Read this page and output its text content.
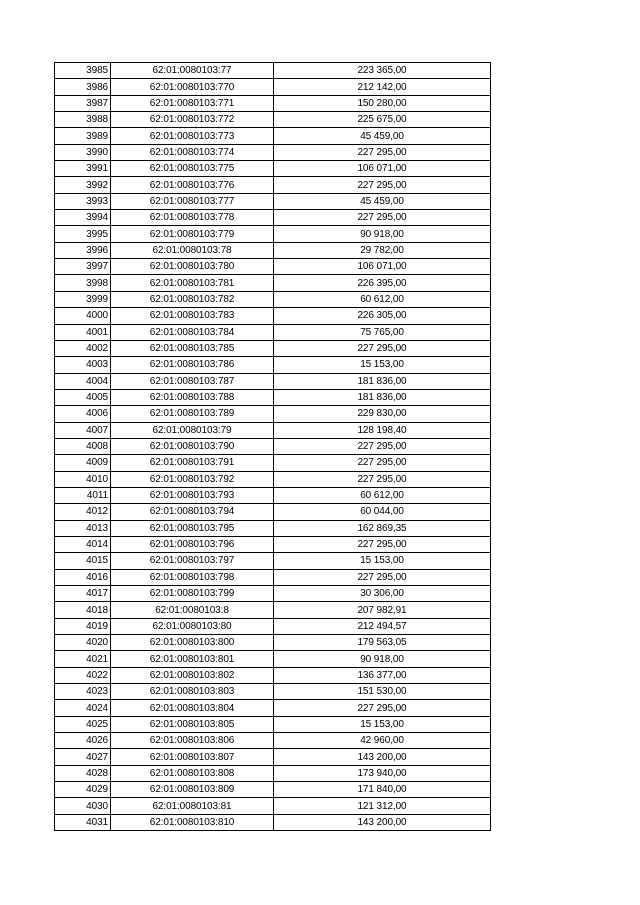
3985	62:01:0080103:77	223 365,00
3986	62:01:0080103:770	212 142,00
3987	62:01:0080103:771	150 280,00
3988	62:01:0080103:772	225 675,00
3989	62:01:0080103:773	45 459,00
3990	62:01:0080103:774	227 295,00
3991	62:01:0080103:775	106 071,00
3992	62:01:0080103:776	227 295,00
3993	62:01:0080103:777	45 459,00
3994	62:01:0080103:778	227 295,00
3995	62:01:0080103:779	90 918,00
3996	62:01:0080103:78	29 782,00
3997	62:01:0080103:780	106 071,00
3998	62:01:0080103:781	226 395,00
3999	62:01:0080103:782	60 612,00
4000	62:01:0080103:783	226 305,00
4001	62:01:0080103:784	75 765,00
4002	62:01:0080103:785	227 295,00
4003	62:01:0080103:786	15 153,00
4004	62:01:0080103:787	181 836,00
4005	62:01:0080103:788	181 836,00
4006	62:01:0080103:789	229 830,00
4007	62:01:0080103:79	128 198,40
4008	62:01:0080103:790	227 295,00
4009	62:01:0080103:791	227 295,00
4010	62:01:0080103:792	227 295,00
4011	62:01:0080103:793	60 612,00
4012	62:01:0080103:794	60 044,00
4013	62:01:0080103:795	162 869,35
4014	62:01:0080103:796	227 295,00
4015	62:01:0080103:797	15 153,00
4016	62:01:0080103:798	227 295,00
4017	62:01:0080103:799	30 306,00
4018	62:01:0080103:8	207 982,91
4019	62:01:0080103:80	212 494,57
4020	62:01:0080103:800	179 563,05
4021	62:01:0080103:801	90 918,00
4022	62:01:0080103:802	136 377,00
4023	62:01:0080103:803	151 530,00
4024	62:01:0080103:804	227 295,00
4025	62:01:0080103:805	15 153,00
4026	62:01:0080103:806	42 960,00
4027	62:01:0080103:807	143 200,00
4028	62:01:0080103:808	173 940,00
4029	62:01:0080103:809	171 840,00
4030	62:01:0080103:81	121 312,00
4031	62:01:0080103:810	143 200,00
